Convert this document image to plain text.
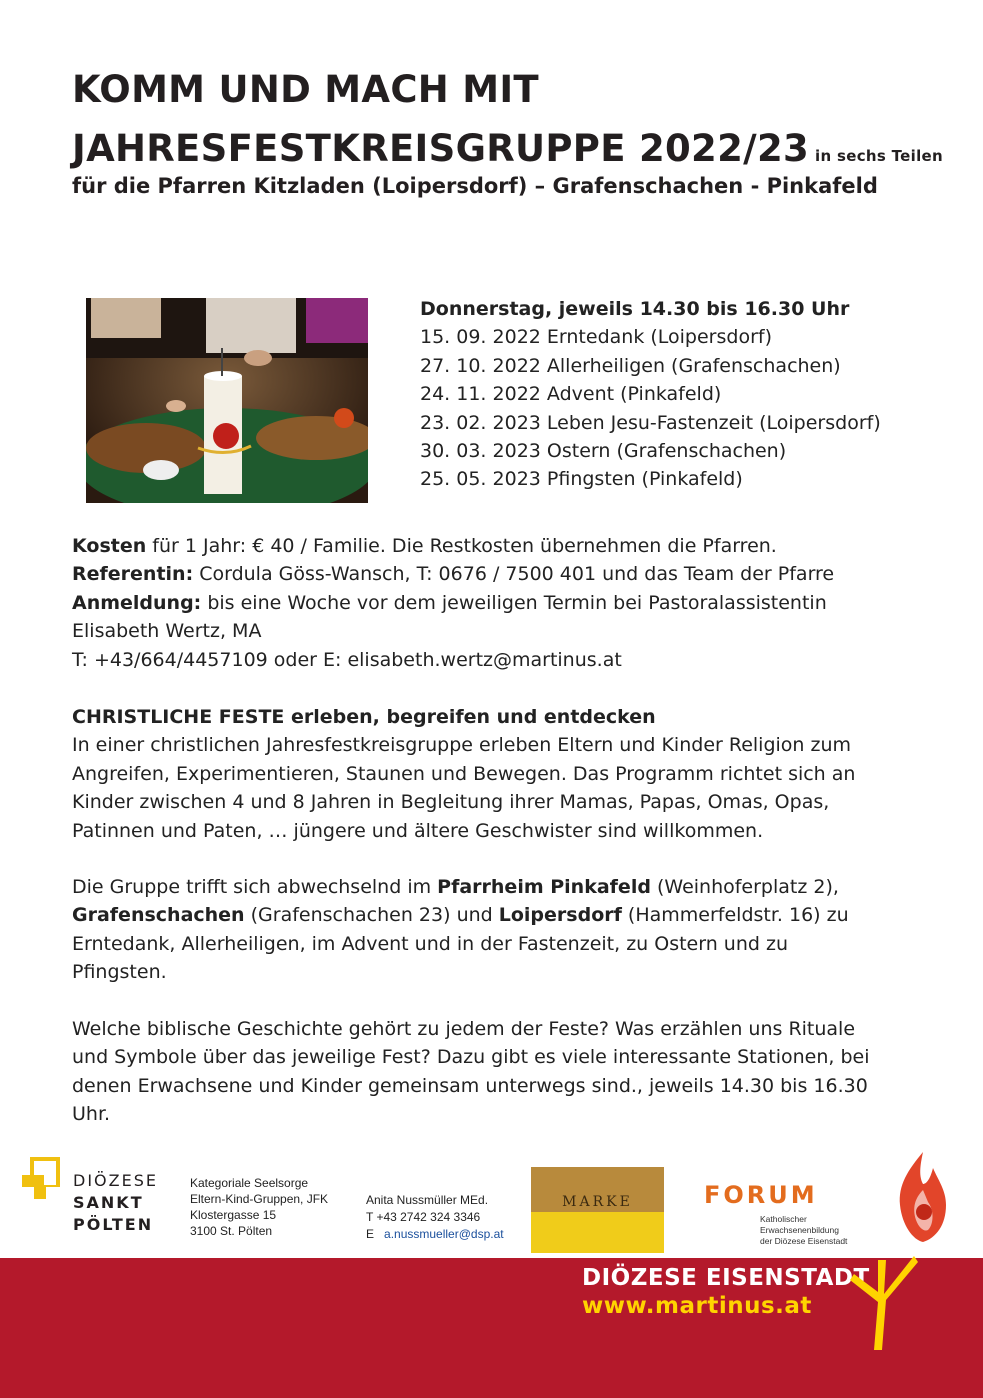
KOMM UND MACH MIT
JAHRESFESTKREISGRUPPE 2022/23 in sechs Teilen
für die Pfarren Kitzladen (Loipersdorf) – Grafenschachen - Pinkafeld
Donnerstag, jeweils 14.30 bis 16.30 Uhr
15. 09. 2022 Erntedank (Loipersdorf)
27. 10. 2022 Allerheiligen (Grafenschachen)
24. 11. 2022 Advent (Pinkafeld)
23. 02. 2023 Leben Jesu-Fastenzeit (Loipersdorf)
30. 03. 2023 Ostern (Grafenschachen)
25. 05. 2023 Pfingsten (Pinkafeld)
Kosten für 1 Jahr: € 40 / Familie. Die Restkosten übernehmen die Pfarren.
Referentin: Cordula Göss-Wansch, T: 0676 / 7500 401 und das Team der Pfarre
Anmeldung: bis eine Woche vor dem jeweiligen Termin bei Pastoralassistentin Elisabeth Wertz, MA
T: +43/664/4457109 oder E: elisabeth.wertz@martinus.at
CHRISTLICHE FESTE erleben, begreifen und entdecken
In einer christlichen Jahresfestkreisgruppe erleben Eltern und Kinder Religion zum Angreifen, Experimentieren, Staunen und Bewegen. Das Programm richtet sich an Kinder zwischen 4 und 8 Jahren in Begleitung ihrer Mamas, Papas, Omas, Opas, Patinnen und Paten, … jüngere und ältere Geschwister sind willkommen.
Die Gruppe trifft sich abwechselnd im Pfarrheim Pinkafeld (Weinhoferplatz 2), Grafenschachen (Grafenschachen 23) und Loipersdorf (Hammerfeldstr. 16) zu Erntedank, Allerheiligen, im Advent und in der Fastenzeit, zu Ostern und zu Pfingsten.
Welche biblische Geschichte gehört zu jedem der Feste? Was erzählen uns Rituale und Symbole über das jeweilige Fest? Dazu gibt es viele interessante Stationen, bei denen Erwachsene und Kinder gemeinsam unterwegs sind., jeweils 14.30 bis 16.30 Uhr.
DIÖZESE
SANKT
PÖLTEN
Kategoriale Seelsorge
Eltern-Kind-Gruppen, JFK
Klostergasse 15
3100 St. Pölten
Anita Nussmüller MEd.
T +43 2742 324 3346
E   a.nussmueller@dsp.at
MARKE	FORUM
Katholischer
Erwachsenenbildung
der Diözese Eisenstadt
DIÖZESE EISENSTADT
www.martinus.at
